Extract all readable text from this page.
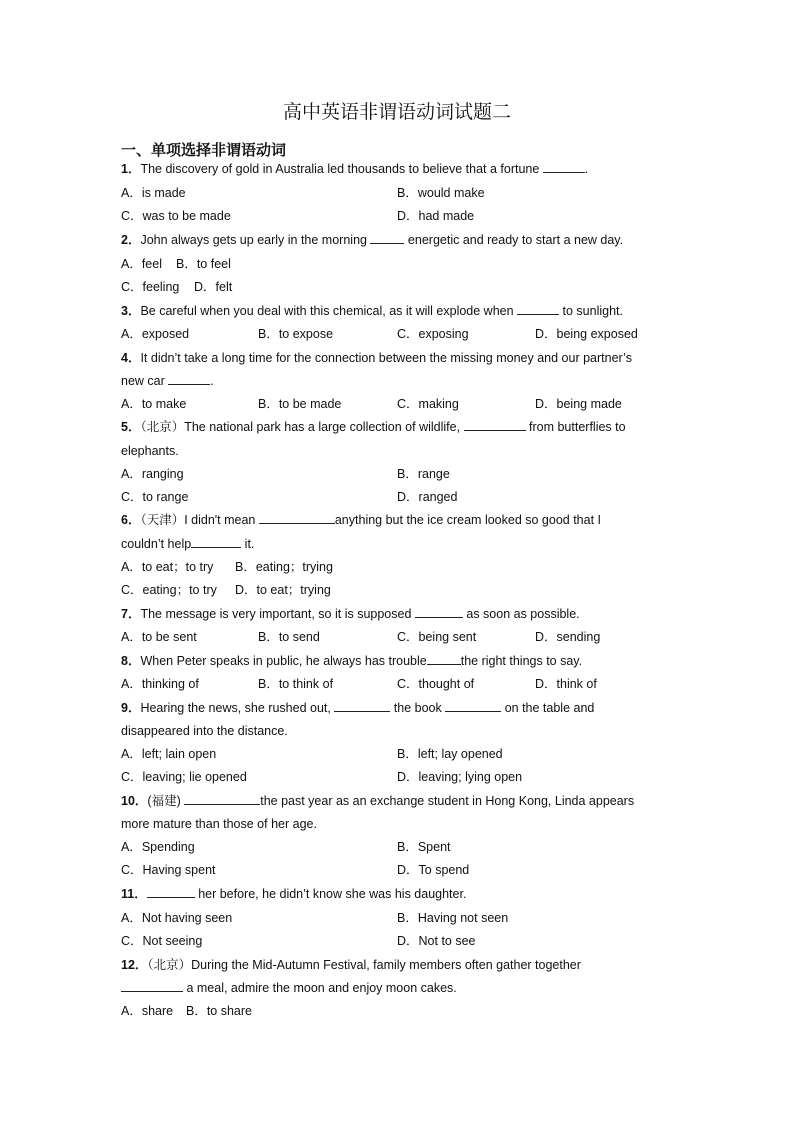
高中英语非谓语动词试题二
一、单项选择非谓语动词
1．The discovery of gold in Australia led thousands to believe that a fortune	.
A．is made	B．would make
C．was to be made	D．had made
2．John always gets up early in the morning	energetic and ready to start a new day.
A．feel B．to feel
C．feeling D．felt
3．Be careful when you deal with this chemical, as it will explode when	to sunlight.
A．exposed	B．to expose	C．exposing	D．being exposed
4．It didn’t take a long time for the connection between the missing money and our partner’s
new car	.
A．to make	B．to be made	C．making	D．being made
5．（北京）The national park has a large collection of wildlife,	from butterflies to
elephants.
A．ranging	B．range
C．to range	D．ranged
6．（天津）I didn't mean	anything but the ice cream looked so good that I
couldn’t help	it.
A．to eat；to try B．eating；trying
C．eating；to try D．to eat；trying
7．The message is very important, so it is supposed	as soon as possible.
A．to be sent	B．to send	C．being sent	D．sending
8．When Peter speaks in public, he always has trouble	the right things to say.
A．thinking of	B．to think of	C．thought of	D．think of
9．Hearing the news, she rushed out,	the book	on the table and
disappeared into the distance.
A．left; lain open	B．left; lay opened
C．leaving; lie opened	D．leaving; lying open
10．(福建)	the past year as an exchange student in Hong Kong, Linda appears
more mature than those of her age.
A．Spending	B．Spent
C．Having spent	D．To spend
11．	her before, he didn’t know she was his daughter.
A．Not having seen	B．Having not seen
C．Not seeing	D．Not to see
12．（北京）During the Mid-Autumn Festival, family members often gather together
a meal, admire the moon and enjoy moon cakes.
A．share B．to share
